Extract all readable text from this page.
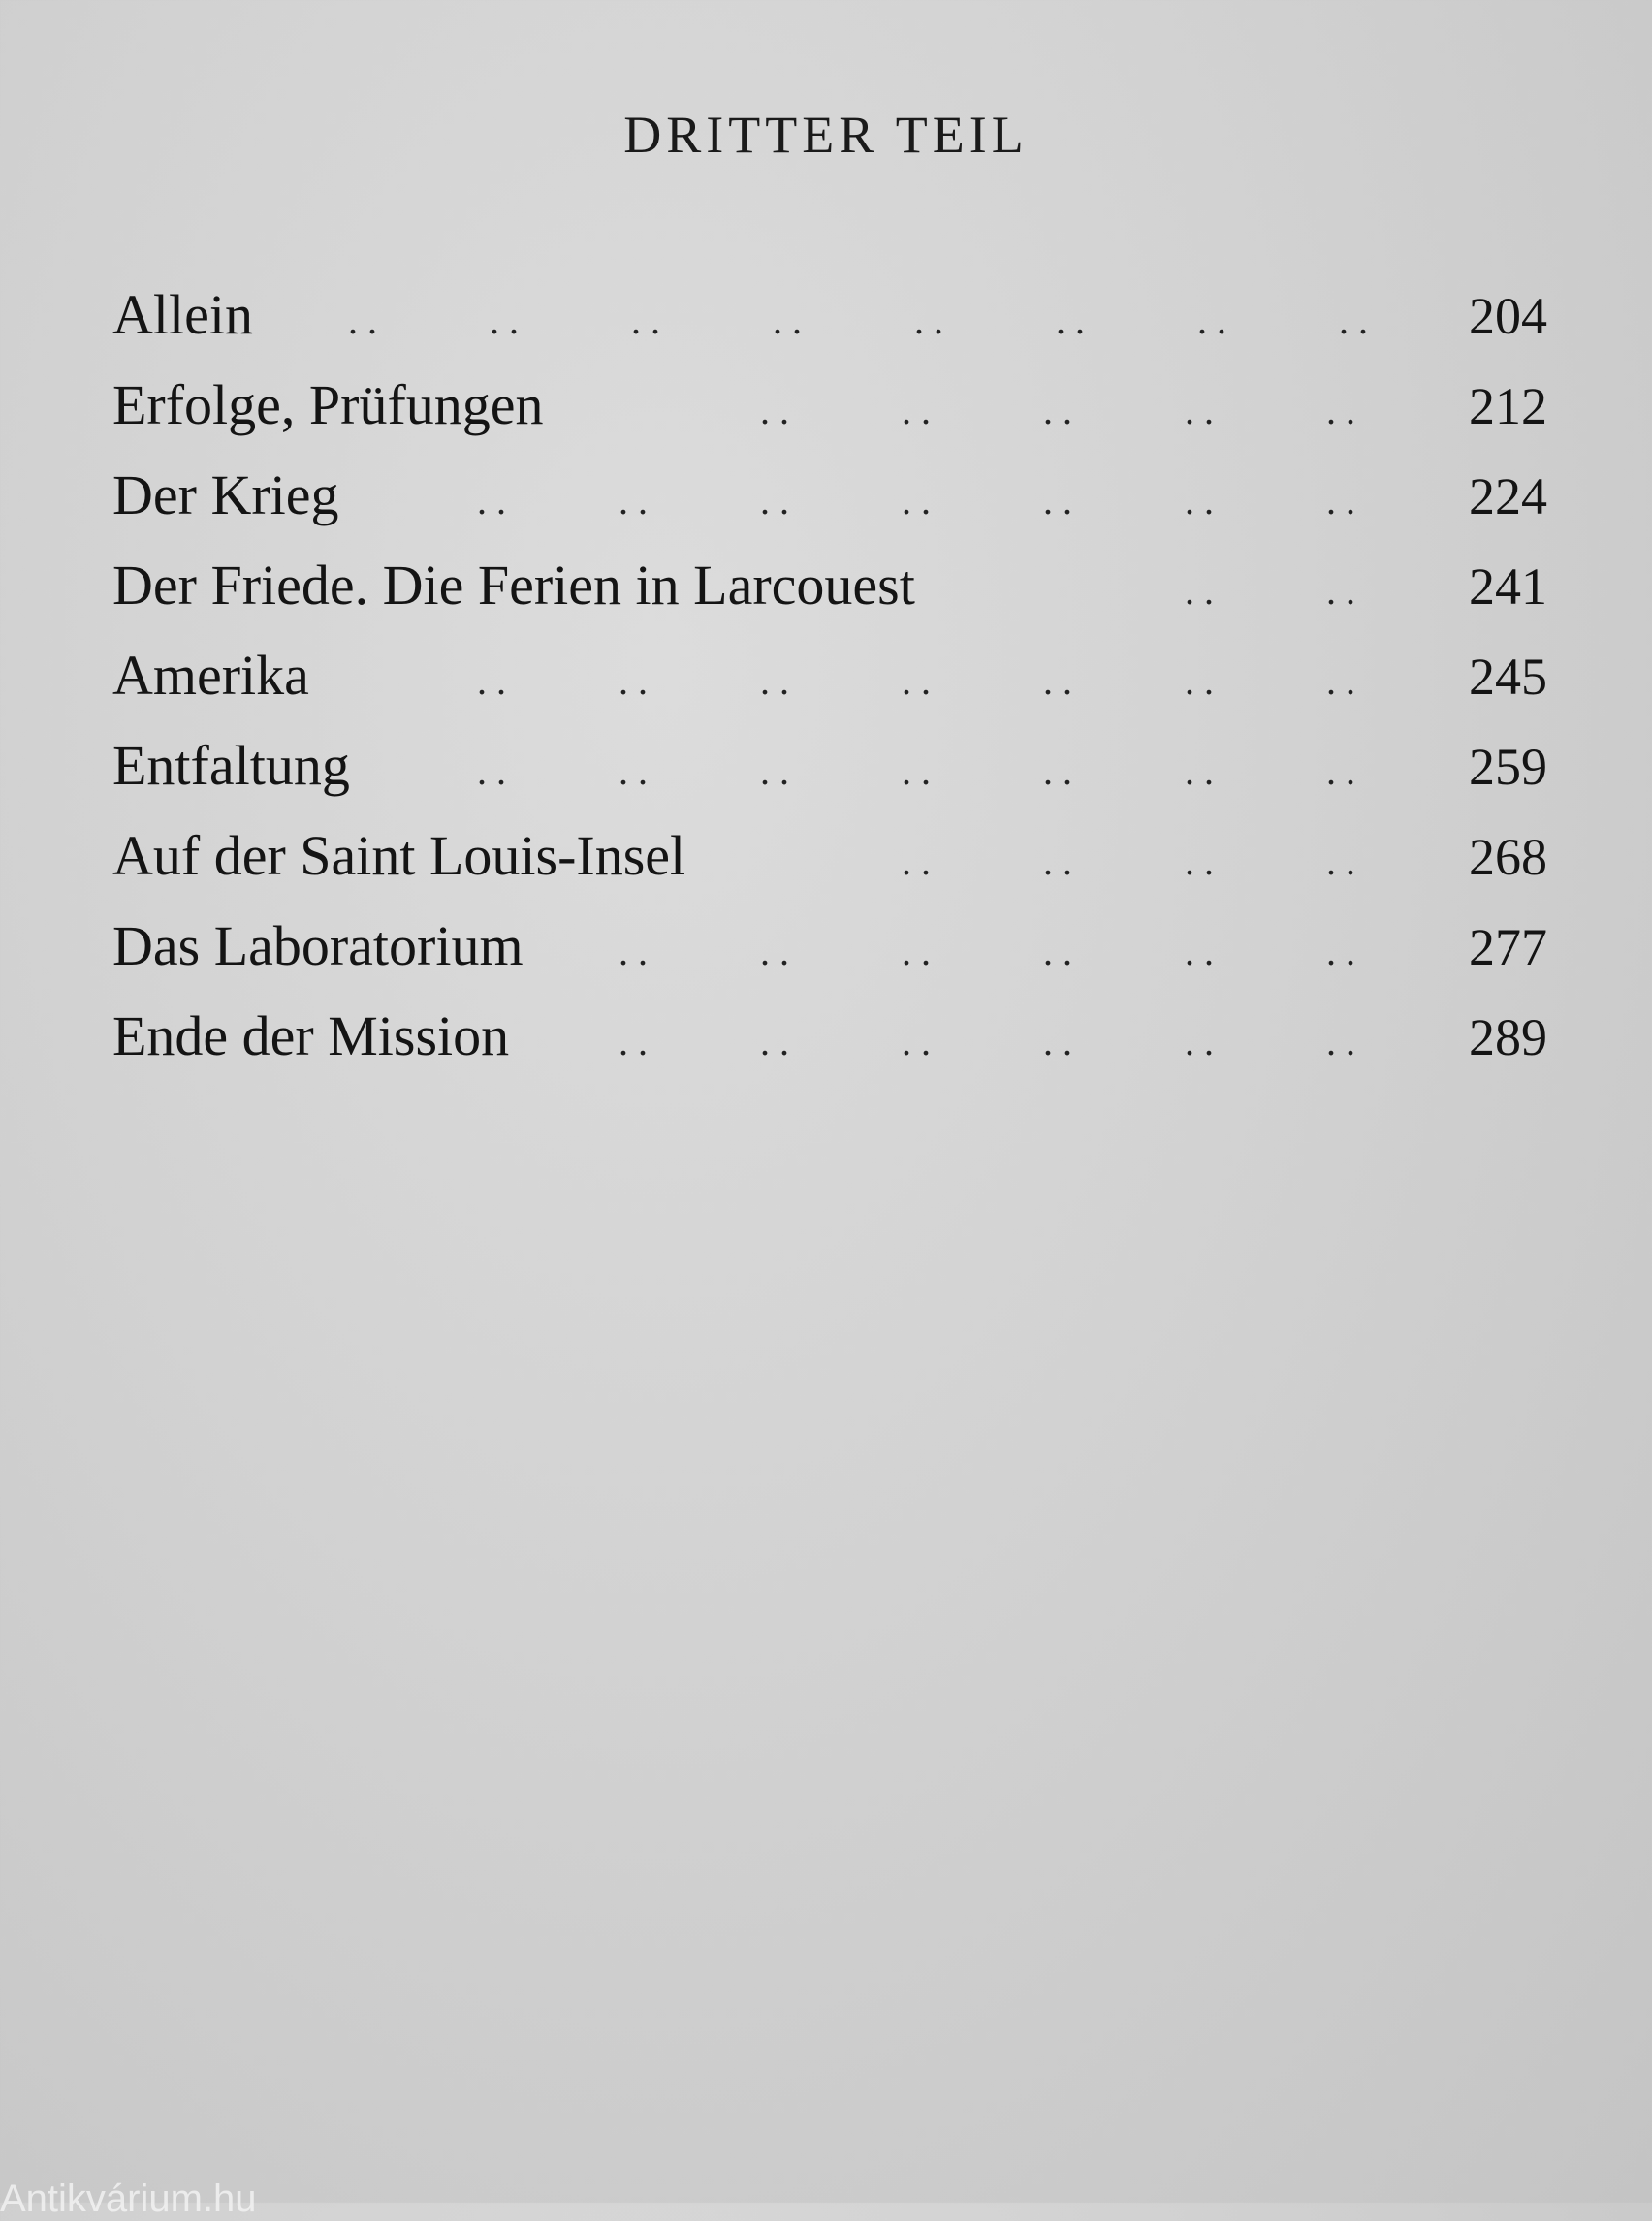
DRITTER TEIL
Allein	. .	. .	. .	. .	. .	. .	. .	. .	204
Erfolge, Prüfungen	. .	. .	. .	. .	. .	212
Der Krieg	. .	. .	. .	. .	. .	. .	. .	224
Der Friede. Die Ferien in Larcouest	. .	. .	241
Amerika	. .	. .	. .	. .	. .	. .	. .	245
Entfaltung	. .	. .	. .	. .	. .	. .	. .	259
Auf der Saint Louis-Insel	. .	. .	. .	. .	268
Das Laboratorium	. .	. .	. .	. .	. .	. .	277
Ende der Mission	. .	. .	. .	. .	. .	. .	289
Antikvárium.hu
